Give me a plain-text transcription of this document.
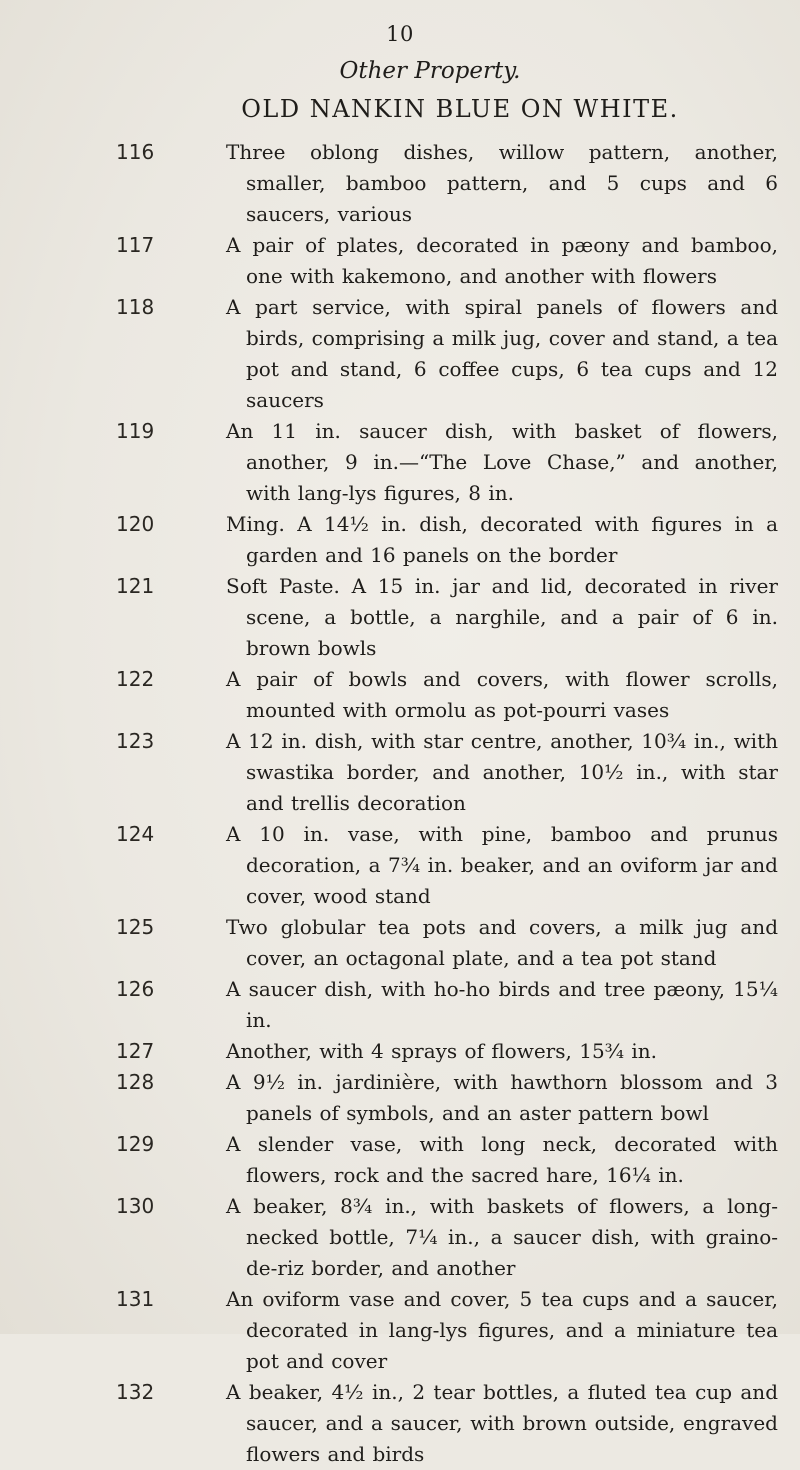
10
Other Property.
OLD NANKIN BLUE ON WHITE.
116	Three oblong dishes, willow pattern, another, smaller, bamboo pattern, and 5 cups and 6 saucers, various
117	A pair of plates, decorated in pæony and bamboo, one with kakemono, and another with flowers
118	A part service, with spiral panels of flowers and birds, comprising a milk jug, cover and stand, a tea pot and stand, 6 coffee cups, 6 tea cups and 12 saucers
119	An 11 in. saucer dish, with basket of flowers, another, 9 in.—“The Love Chase,” and another, with lang-lys figures, 8 in.
120	Ming. A 14½ in. dish, decorated with figures in a garden and 16 panels on the border
121	Soft Paste. A 15 in. jar and lid, decorated in river scene, a bottle, a narghile, and a pair of 6 in. brown bowls
122	A pair of bowls and covers, with flower scrolls, mounted with ormolu as pot-pourri vases
123	A 12 in. dish, with star centre, another, 10¾ in., with swastika border, and another, 10½ in., with star and trellis decoration
124	A 10 in. vase, with pine, bamboo and prunus decoration, a 7¾ in. beaker, and an oviform jar and cover, wood stand
125	Two globular tea pots and covers, a milk jug and cover, an octagonal plate, and a tea pot stand
126	A saucer dish, with ho-ho birds and tree pæony, 15¼ in.
127	Another, with 4 sprays of flowers, 15¾ in.
128	A 9½ in. jardinière, with hawthorn blossom and 3 panels of symbols, and an aster pattern bowl
129	A slender vase, with long neck, decorated with flowers, rock and the sacred hare, 16¼ in.
130	A beaker, 8¾ in., with baskets of flowers, a long-necked bottle, 7¼ in., a saucer dish, with graino-de-riz border, and another
131	An oviform vase and cover, 5 tea cups and a saucer, decorated in lang-lys figures, and a miniature tea pot and cover
132	A beaker, 4½ in., 2 tear bottles, a fluted tea cup and saucer, and a saucer, with brown outside, engraved flowers and birds
